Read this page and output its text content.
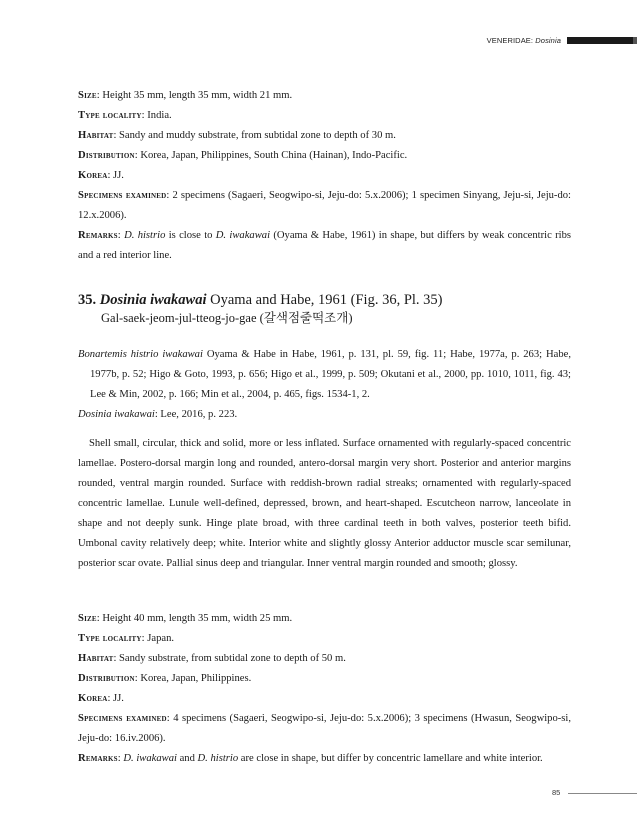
VENERIDAE: Dosinia

Size: Height 35 mm, length 35 mm, width 21 mm.

Type locality: India.

Habitat: Sandy and muddy substrate, from subtidal zone to depth of 30 m.

Distribution: Korea, Japan, Philippines, South China (Hainan), Indo-Pacific.

Korea: JJ.

Specimens examined: 2 specimens (Sagaeri, Seogwipo-si, Jeju-do: 5.x.2006); 1 specimen Sinyang, Jeju-si, Jeju-do: 12.x.2006).

Remarks: D. histrio is close to D. iwakawai (Oyama & Habe, 1961) in shape, but differs by weak concentric ribs and a red interior line.

35. Dosinia iwakawai Oyama and Habe, 1961 (Fig. 36, Pl. 35)
Gal-saek-jeom-jul-tteog-jo-gae (갈색점줄떡조개)

Bonartemis histrio iwakawai Oyama & Habe in Habe, 1961, p. 131, pl. 59, fig. 11; Habe, 1977a, p. 263; Habe, 1977b, p. 52; Higo & Goto, 1993, p. 656; Higo et al., 1999, p. 509; Okutani et al., 2000, pp. 1010, 1011, fig. 43; Lee & Min, 2002, p. 166; Min et al., 2004, p. 465, figs. 1534-1, 2.

Dosinia iwakawai: Lee, 2016, p. 223.

Shell small, circular, thick and solid, more or less inflated. Surface ornamented with regularly-spaced concentric lamellae. Postero-dorsal margin long and rounded, antero-dorsal margin very short. Posterior and anterior margins rounded, ventral margin rounded. Surface with reddish-brown radial streaks; ornamented with regularly-spaced concentric lamellae. Lunule well-defined, depressed, brown, and heart-shaped. Escutcheon narrow, lanceolate in shape and not deeply sunk. Hinge plate broad, with three cardinal teeth in both valves, posterior teeth bifid. Umbonal cavity relatively deep; white. Interior white and slightly glossy Anterior adductor muscle scar semilunar, posterior scar ovate. Pallial sinus deep and triangular. Inner ventral margin rounded and smooth; glossy.

Size: Height 40 mm, length 35 mm, width 25 mm.

Type locality: Japan.

Habitat: Sandy substrate, from subtidal zone to depth of 50 m.

Distribution: Korea, Japan, Philippines.

Korea: JJ.

Specimens examined: 4 specimens (Sagaeri, Seogwipo-si, Jeju-do: 5.x.2006); 3 specimens (Hwasun, Seogwipo-si, Jeju-do: 16.iv.2006).

Remarks: D. iwakawai and D. histrio are close in shape, but differ by concentric lamellare and white interior.

85
